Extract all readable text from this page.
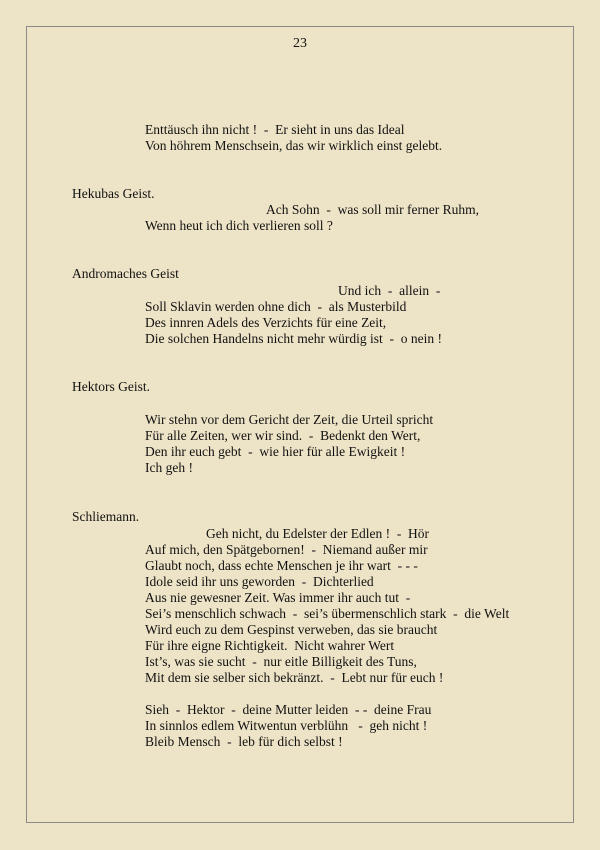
23
Enttäusch ihn nicht !  -  Er sieht in uns das Ideal
Von höhrem Menschsein, das wir wirklich einst gelebt.
Hekubas Geist.
Ach Sohn  -  was soll mir ferner Ruhm,
Wenn heut ich dich verlieren soll ?
Andromaches Geist
Und ich  -  allein  -
Soll Sklavin werden ohne dich  -  als Musterbild
Des innren Adels des Verzichts für eine Zeit,
Die solchen Handelns nicht mehr würdig ist  -  o nein !
Hektors Geist.
Wir stehn vor dem Gericht der Zeit, die Urteil spricht
Für alle Zeiten, wer wir sind.  -  Bedenkt den Wert,
Den ihr euch gebt  -  wie hier für alle Ewigkeit !
Ich geh !
Schliemann.
Geh nicht, du Edelster der Edlen !  -  Hör
Auf mich, den Spätgebornen!  -  Niemand außer mir
Glaubt noch, dass echte Menschen je ihr wart  - - -
Idole seid ihr uns geworden  -  Dichterlied
Aus nie gewesner Zeit. Was immer ihr auch tut  -
Sei’s menschlich schwach  -  sei’s übermenschlich stark  -  die Welt
Wird euch zu dem Gespinst verweben, das sie braucht
Für ihre eigne Richtigkeit.  Nicht wahrer Wert
Ist’s, was sie sucht  -  nur eitle Billigkeit des Tuns,
Mit dem sie selber sich bekränzt.  -  Lebt nur für euch !
Sieh  -  Hektor  -  deine Mutter leiden  - -  deine Frau
In sinnlos edlem Witwentun verblühn   -  geh nicht !
Bleib Mensch  -  leb für dich selbst !
